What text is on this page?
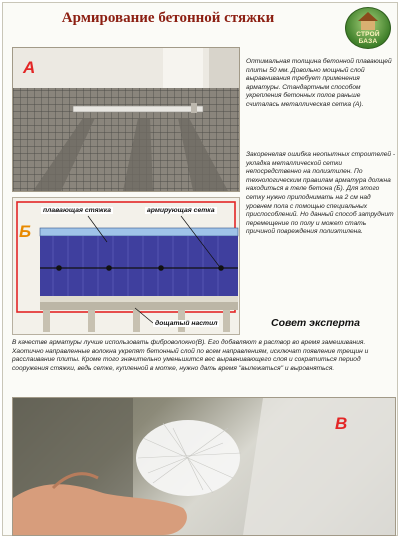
Армирование бетонной стяжки
СТРОЙ БАЗА
А	Оптимальная толщина бетонной плавающей плиты 50 мм. Довольно мощный слой выравнивания требует применения арматуры. Стандартным способом укрепления бетонных полов раньше считалась металлическая сетка (А).
Закоренелая ошибка неопытных строителей - укладка металлической сетки непосредственно на полиэтилен. По технологическим правилам арматура должна находиться в теле бетона (Б). Для этого сетку нужно приподнимать на 2 см над уровнем пола с помощью специальных приспособлений. Но данный способ затруднит перемещение по полу и может стать причиной повреждения полиэтилена.
Б
плавающая стяжка	армирующая сетка
дощатый настил	Совет эксперта
В качестве арматуры лучше использовать фиброволокно(В). Его добавляют в раствор во время замешивания. Хаотично направленные волокна укрепят бетонный слой по всем направлениям, исключат появление трещин и расслаивание плиты. Кроме того значительно уменьшится вес выравнивающего слоя и сократиться период сооружения стяжки, ведь сетке, купленной в мотке, нужно дать время "вылежаться" и выровняться.
В
